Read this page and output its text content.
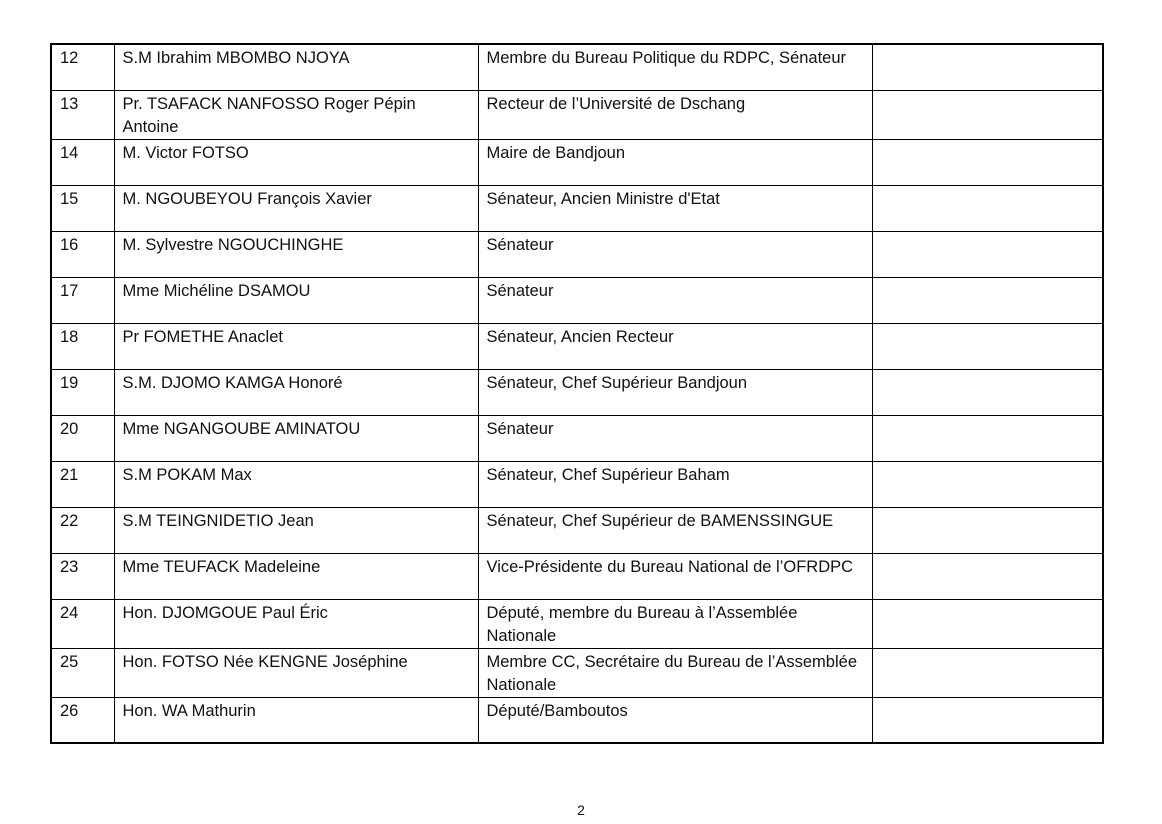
12	S.M Ibrahim MBOMBO NJOYA	Membre du Bureau Politique du RDPC, Sénateur	
13	Pr. TSAFACK NANFOSSO Roger Pépin Antoine	Recteur de l’Université de Dschang	
14	M. Victor FOTSO	Maire de Bandjoun	
15	M. NGOUBEYOU François Xavier	Sénateur, Ancien Ministre d'Etat	
16	M. Sylvestre NGOUCHINGHE	Sénateur	
17	Mme Michéline DSAMOU	Sénateur	
18	Pr FOMETHE Anaclet	Sénateur, Ancien Recteur	
19	S.M. DJOMO KAMGA Honoré	Sénateur, Chef Supérieur Bandjoun	
20	Mme NGANGOUBE AMINATOU	Sénateur	
21	S.M POKAM Max	Sénateur, Chef Supérieur Baham	
22	S.M TEINGNIDETIO Jean	Sénateur, Chef Supérieur de BAMENSSINGUE	
23	Mme TEUFACK Madeleine	Vice-Présidente du Bureau National de l’OFRDPC	
24	Hon. DJOMGOUE Paul Éric	Député, membre du Bureau à l’Assemblée Nationale	
25	Hon. FOTSO Née KENGNE Joséphine	Membre CC, Secrétaire du Bureau de l’Assemblée Nationale	
26	Hon. WA Mathurin	Député/Bamboutos	
2
